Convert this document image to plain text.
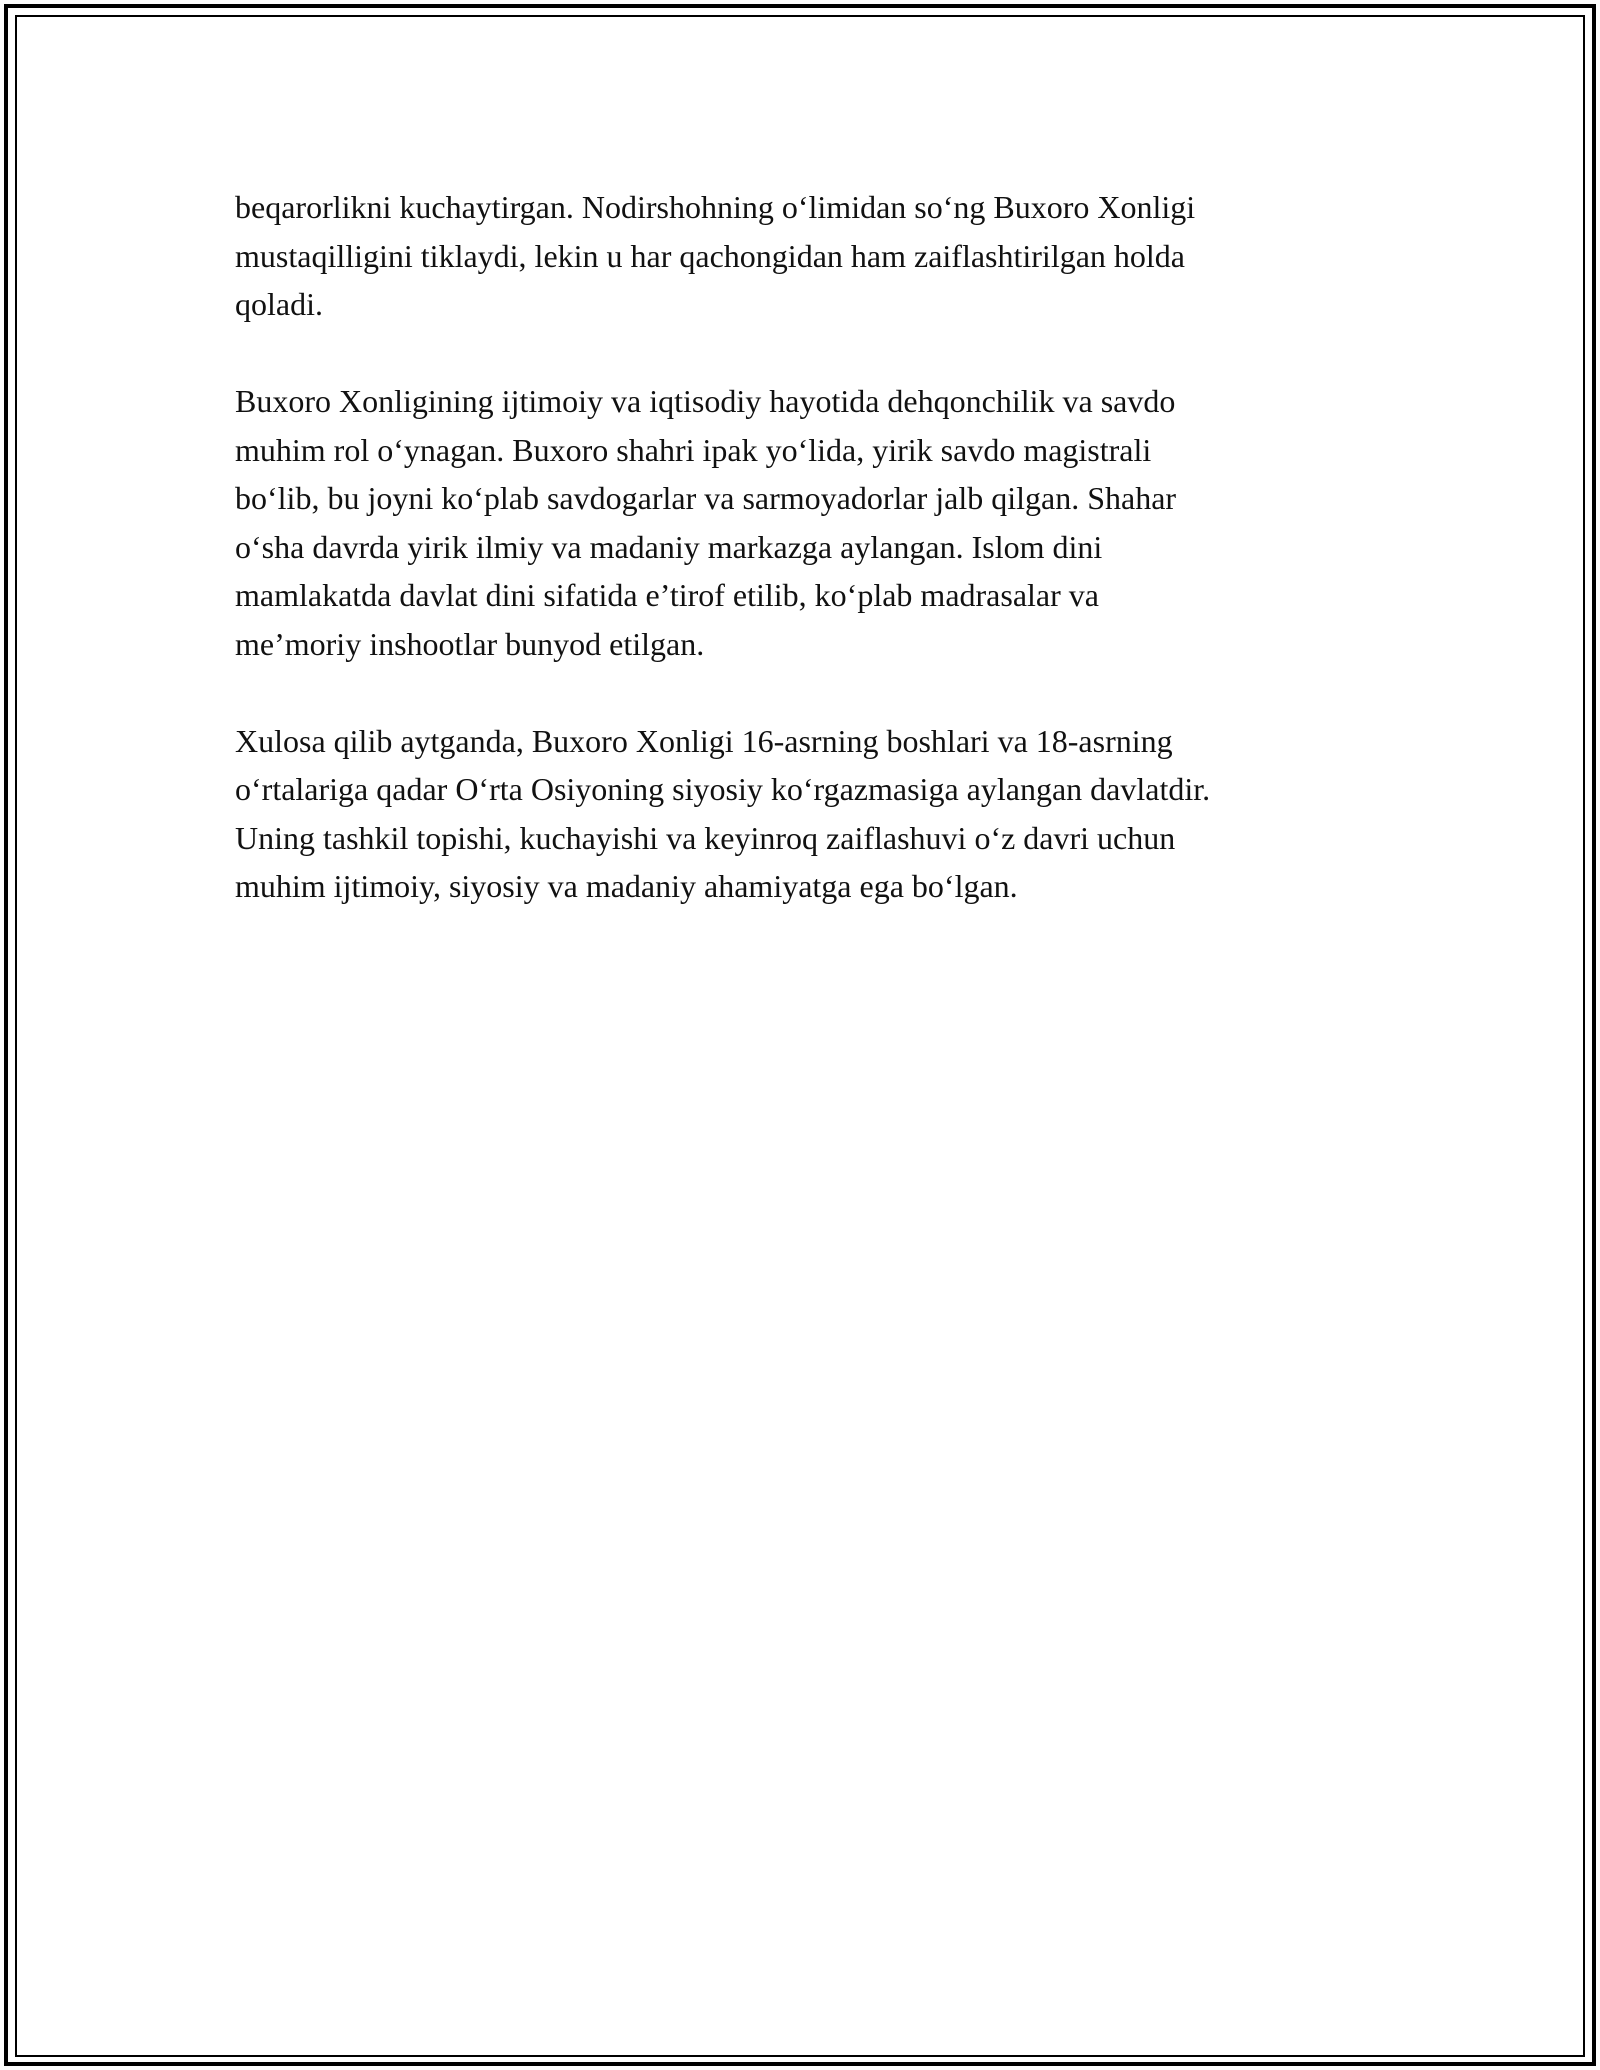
beqarorlikni kuchaytirgan. Nodirshohning o‘limidan so‘ng Buxoro Xonligi
mustaqilligini tiklaydi, lekin u har qachongidan ham zaiflashtirilgan holda
qoladi.

Buxoro Xonligining ijtimoiy va iqtisodiy hayotida dehqonchilik va savdo
muhim rol o‘ynagan. Buxoro shahri ipak yo‘lida, yirik savdo magistrali
bo‘lib, bu joyni ko‘plab savdogarlar va sarmoyadorlar jalb qilgan. Shahar
o‘sha davrda yirik ilmiy va madaniy markazga aylangan. Islom dini
mamlakatda davlat dini sifatida e’tirof etilib, ko‘plab madrasalar va
me’moriy inshootlar bunyod etilgan.

Xulosa qilib aytganda, Buxoro Xonligi 16-asrning boshlari va 18-asrning
o‘rtalariga qadar O‘rta Osiyoning siyosiy ko‘rgazmasiga aylangan davlatdir.
Uning tashkil topishi, kuchayishi va keyinroq zaiflashuvi o‘z davri uchun
muhim ijtimoiy, siyosiy va madaniy ahamiyatga ega bo‘lgan.
